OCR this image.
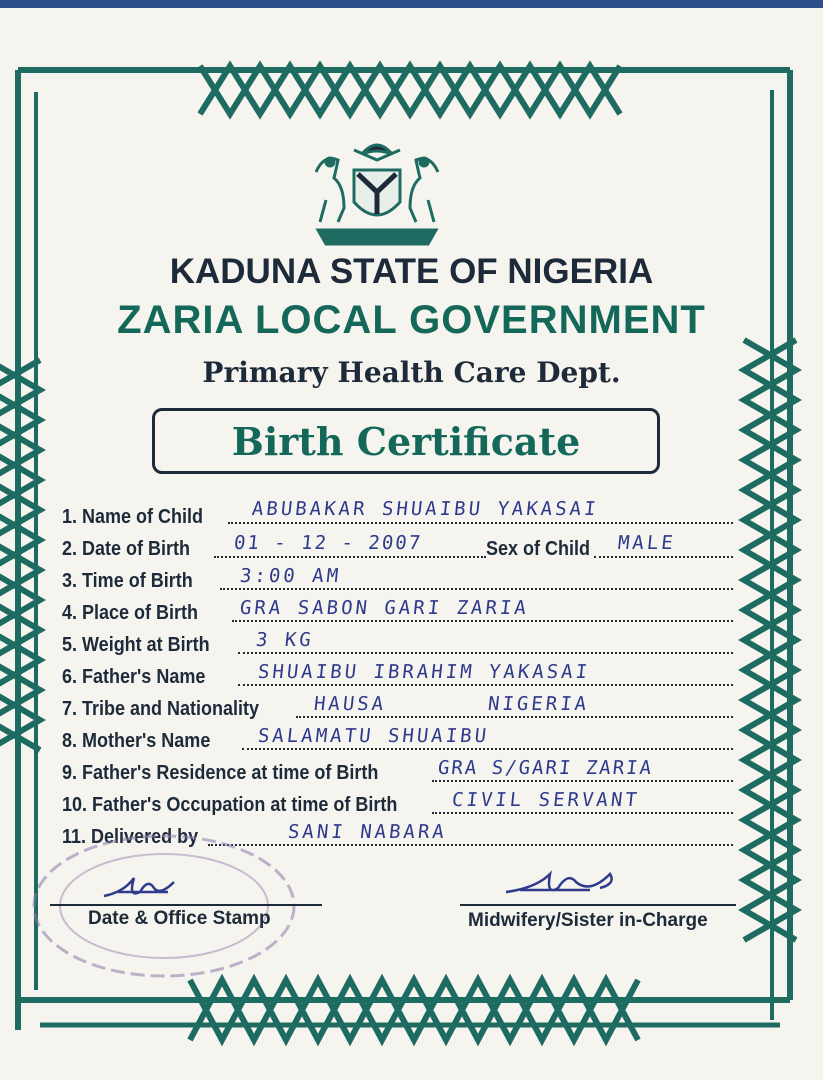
KADUNA STATE OF NIGERIA
ZARIA LOCAL GOVERNMENT
Primary Health Care Dept.
Birth Certificate
1. Name of Child	ABUBAKAR SHUAIBU YAKASAI
2. Date of Birth	01 - 12 - 2007	Sex of Child	MALE
3. Time of Birth	3:00 AM
4. Place of Birth	GRA SABON GARI ZARIA
5. Weight at Birth	3 KG
6. Father's Name	SHUAIBU IBRAHIM YAKASAI
7. Tribe and Nationality	HAUSA	NIGERIA
8. Mother's Name	SALAMATU SHUAIBU
9. Father's Residence at time of Birth	GRA S/GARI ZARIA
10. Father's Occupation at time of Birth	CIVIL SERVANT
11. Delivered by	SANI NABARA
Date & Office Stamp	Midwifery/Sister in-Charge
